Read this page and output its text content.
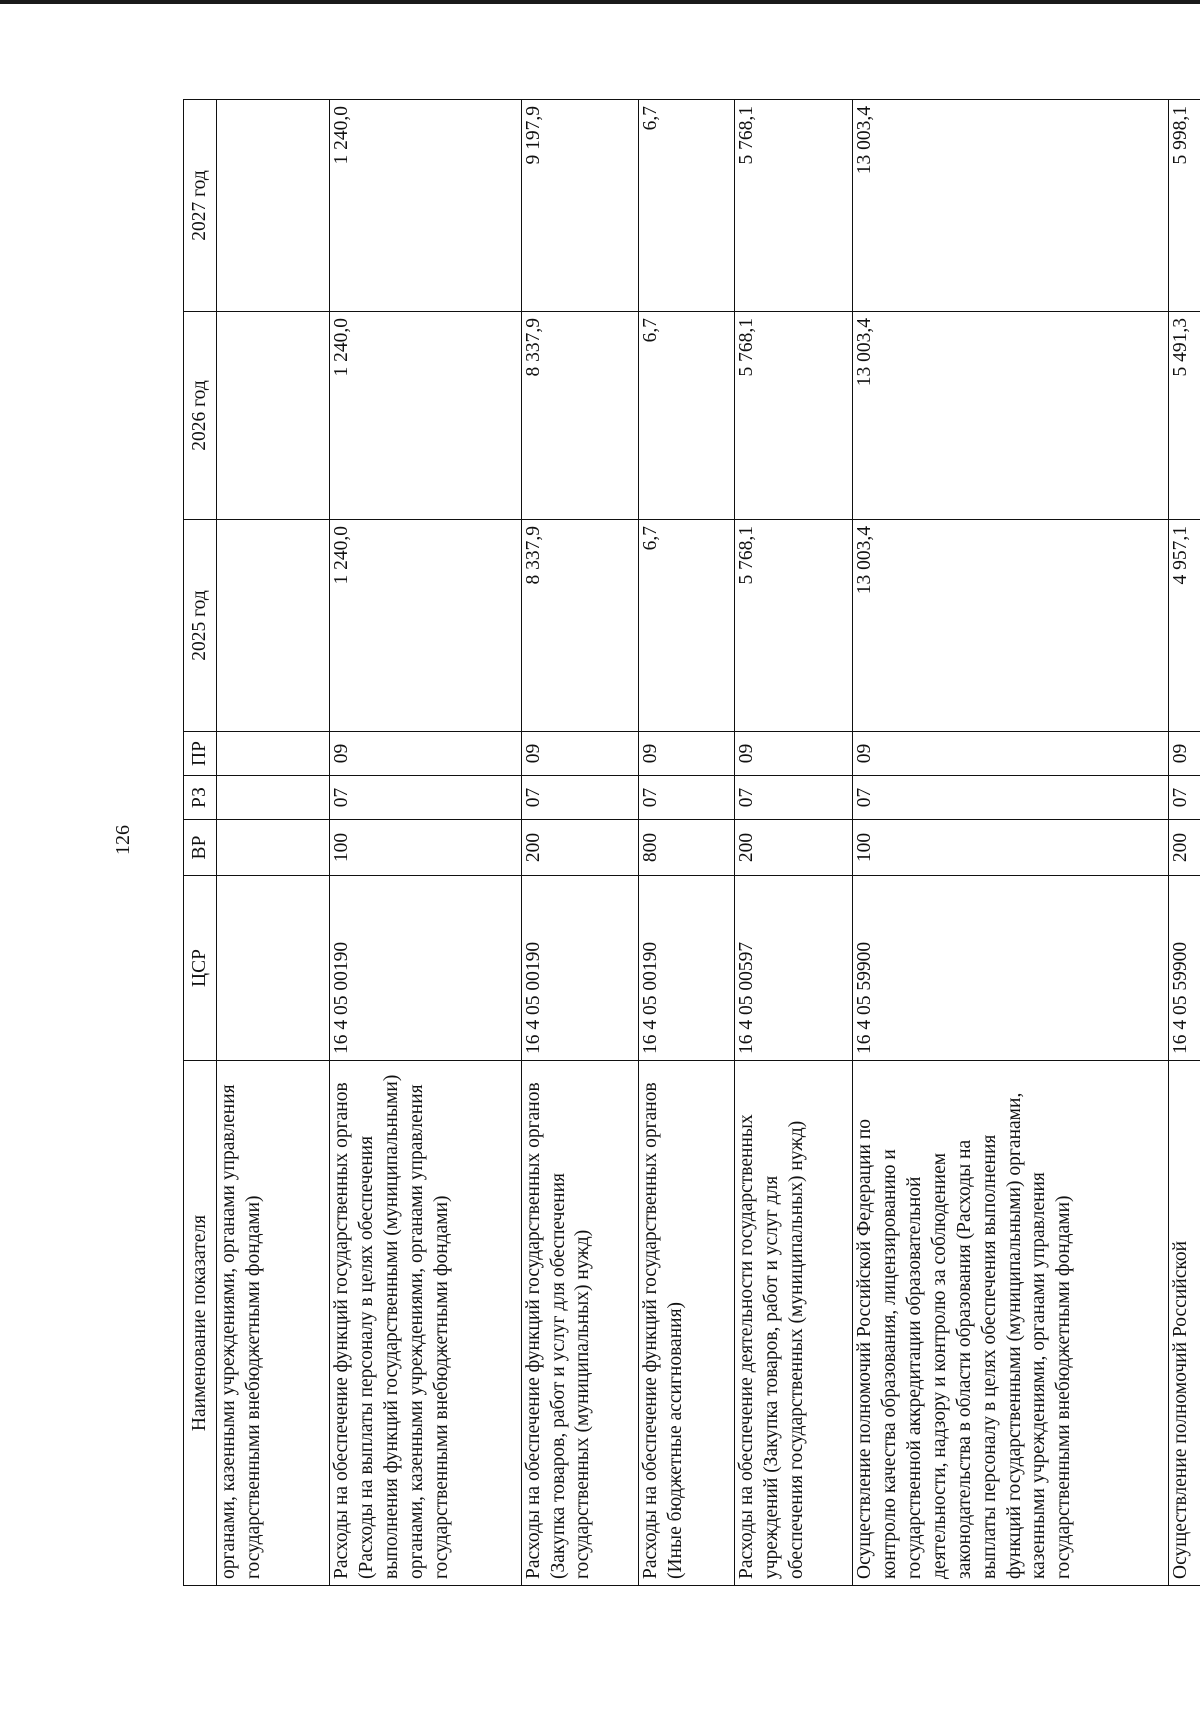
126
Наименование показателя	ЦСР	ВР	РЗ	ПР	2025 год	2026 год	2027 год
органами, казенными учреждениями, органами управления государственными внебюджетными фондами)							
Расходы на обеспечение функций государственных органов (Расходы на выплаты персоналу в целях обеспечения выполнения функций государственными (муниципальными) органами, казенными учреждениями, органами управления государственными внебюджетными фондами)	16 4 05 00190	100	07	09	1 240,0	1 240,0	1 240,0
Расходы на обеспечение функций государственных органов (Закупка товаров, работ и услуг для обеспечения государственных (муниципальных) нужд)	16 4 05 00190	200	07	09	8 337,9	8 337,9	9 197,9
Расходы на обеспечение функций государственных органов (Иные бюджетные ассигнования)	16 4 05 00190	800	07	09	6,7	6,7	6,7
Расходы на обеспечение деятельности государственных учреждений (Закупка товаров, работ и услуг для обеспечения государственных (муниципальных) нужд)	16 4 05 00597	200	07	09	5 768,1	5 768,1	5 768,1
Осуществление полномочий Российской Федерации по контролю качества образования, лицензированию и государственной аккредитации образовательной деятельности, надзору и контролю за соблюдением законодательства в области образования (Расходы на выплаты персоналу в целях обеспечения выполнения функций государственными (муниципальными) органами, казенными учреждениями, органами управления государственными внебюджетными фондами)	16 4 05 59900	100	07	09	13 003,4	13 003,4	13 003,4
Осуществление полномочий Российской	16 4 05 59900	200	07	09	4 957,1	5 491,3	5 998,1
